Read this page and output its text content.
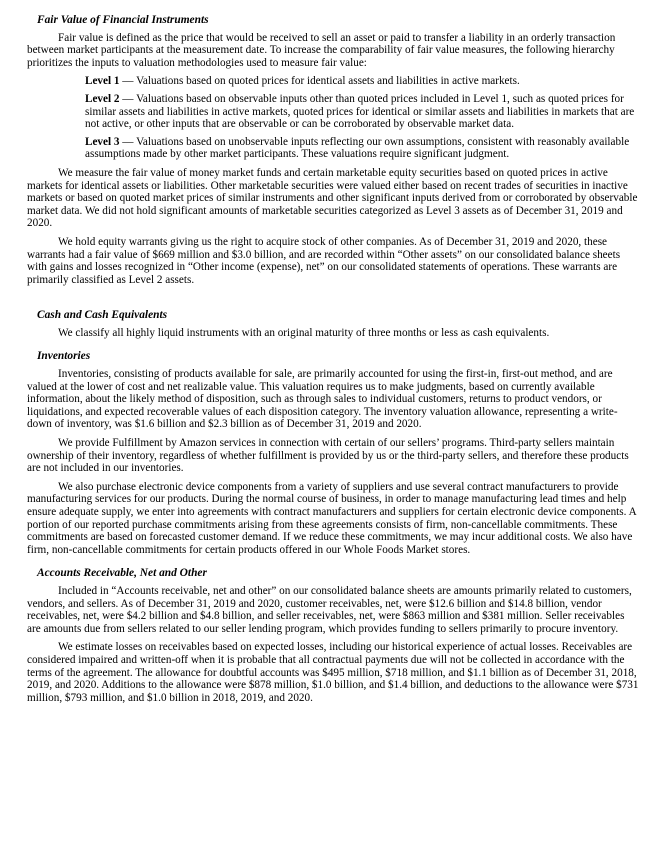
Fair Value of Financial Instruments

Fair value is defined as the price that would be received to sell an asset or paid to transfer a liability in an orderly transaction between market participants at the measurement date. To increase the comparability of fair value measures, the following hierarchy prioritizes the inputs to valuation methodologies used to measure fair value:

Level 1 — Valuations based on quoted prices for identical assets and liabilities in active markets.
Level 2 — Valuations based on observable inputs other than quoted prices included in Level 1, such as quoted prices for similar assets and liabilities in active markets, quoted prices for identical or similar assets and liabilities in markets that are not active, or other inputs that are observable or can be corroborated by observable market data.
Level 3 — Valuations based on unobservable inputs reflecting our own assumptions, consistent with reasonably available assumptions made by other market participants. These valuations require significant judgment.

We measure the fair value of money market funds and certain marketable equity securities based on quoted prices in active markets for identical assets or liabilities. Other marketable securities were valued either based on recent trades of securities in inactive markets or based on quoted market prices of similar instruments and other significant inputs derived from or corroborated by observable market data. We did not hold significant amounts of marketable securities categorized as Level 3 assets as of December 31, 2019 and 2020.

We hold equity warrants giving us the right to acquire stock of other companies. As of December 31, 2019 and 2020, these warrants had a fair value of $669 million and $3.0 billion, and are recorded within “Other assets” on our consolidated balance sheets with gains and losses recognized in “Other income (expense), net” on our consolidated statements of operations. These warrants are primarily classified as Level 2 assets.

Cash and Cash Equivalents

We classify all highly liquid instruments with an original maturity of three months or less as cash equivalents.

Inventories

Inventories, consisting of products available for sale, are primarily accounted for using the first-in, first-out method, and are valued at the lower of cost and net realizable value. This valuation requires us to make judgments, based on currently available information, about the likely method of disposition, such as through sales to individual customers, returns to product vendors, or liquidations, and expected recoverable values of each disposition category. The inventory valuation allowance, representing a write-down of inventory, was $1.6 billion and $2.3 billion as of December 31, 2019 and 2020.

We provide Fulfillment by Amazon services in connection with certain of our sellers’ programs. Third-party sellers maintain ownership of their inventory, regardless of whether fulfillment is provided by us or the third-party sellers, and therefore these products are not included in our inventories.

We also purchase electronic device components from a variety of suppliers and use several contract manufacturers to provide manufacturing services for our products. During the normal course of business, in order to manage manufacturing lead times and help ensure adequate supply, we enter into agreements with contract manufacturers and suppliers for certain electronic device components. A portion of our reported purchase commitments arising from these agreements consists of firm, non-cancellable commitments. These commitments are based on forecasted customer demand. If we reduce these commitments, we may incur additional costs. We also have firm, non-cancellable commitments for certain products offered in our Whole Foods Market stores.

Accounts Receivable, Net and Other

Included in “Accounts receivable, net and other” on our consolidated balance sheets are amounts primarily related to customers, vendors, and sellers. As of December 31, 2019 and 2020, customer receivables, net, were $12.6 billion and $14.8 billion, vendor receivables, net, were $4.2 billion and $4.8 billion, and seller receivables, net, were $863 million and $381 million. Seller receivables are amounts due from sellers related to our seller lending program, which provides funding to sellers primarily to procure inventory.

We estimate losses on receivables based on expected losses, including our historical experience of actual losses. Receivables are considered impaired and written-off when it is probable that all contractual payments due will not be collected in accordance with the terms of the agreement. The allowance for doubtful accounts was $495 million, $718 million, and $1.1 billion as of December 31, 2018, 2019, and 2020. Additions to the allowance were $878 million, $1.0 billion, and $1.4 billion, and deductions to the allowance were $731 million, $793 million, and $1.0 billion in 2018, 2019, and 2020.
